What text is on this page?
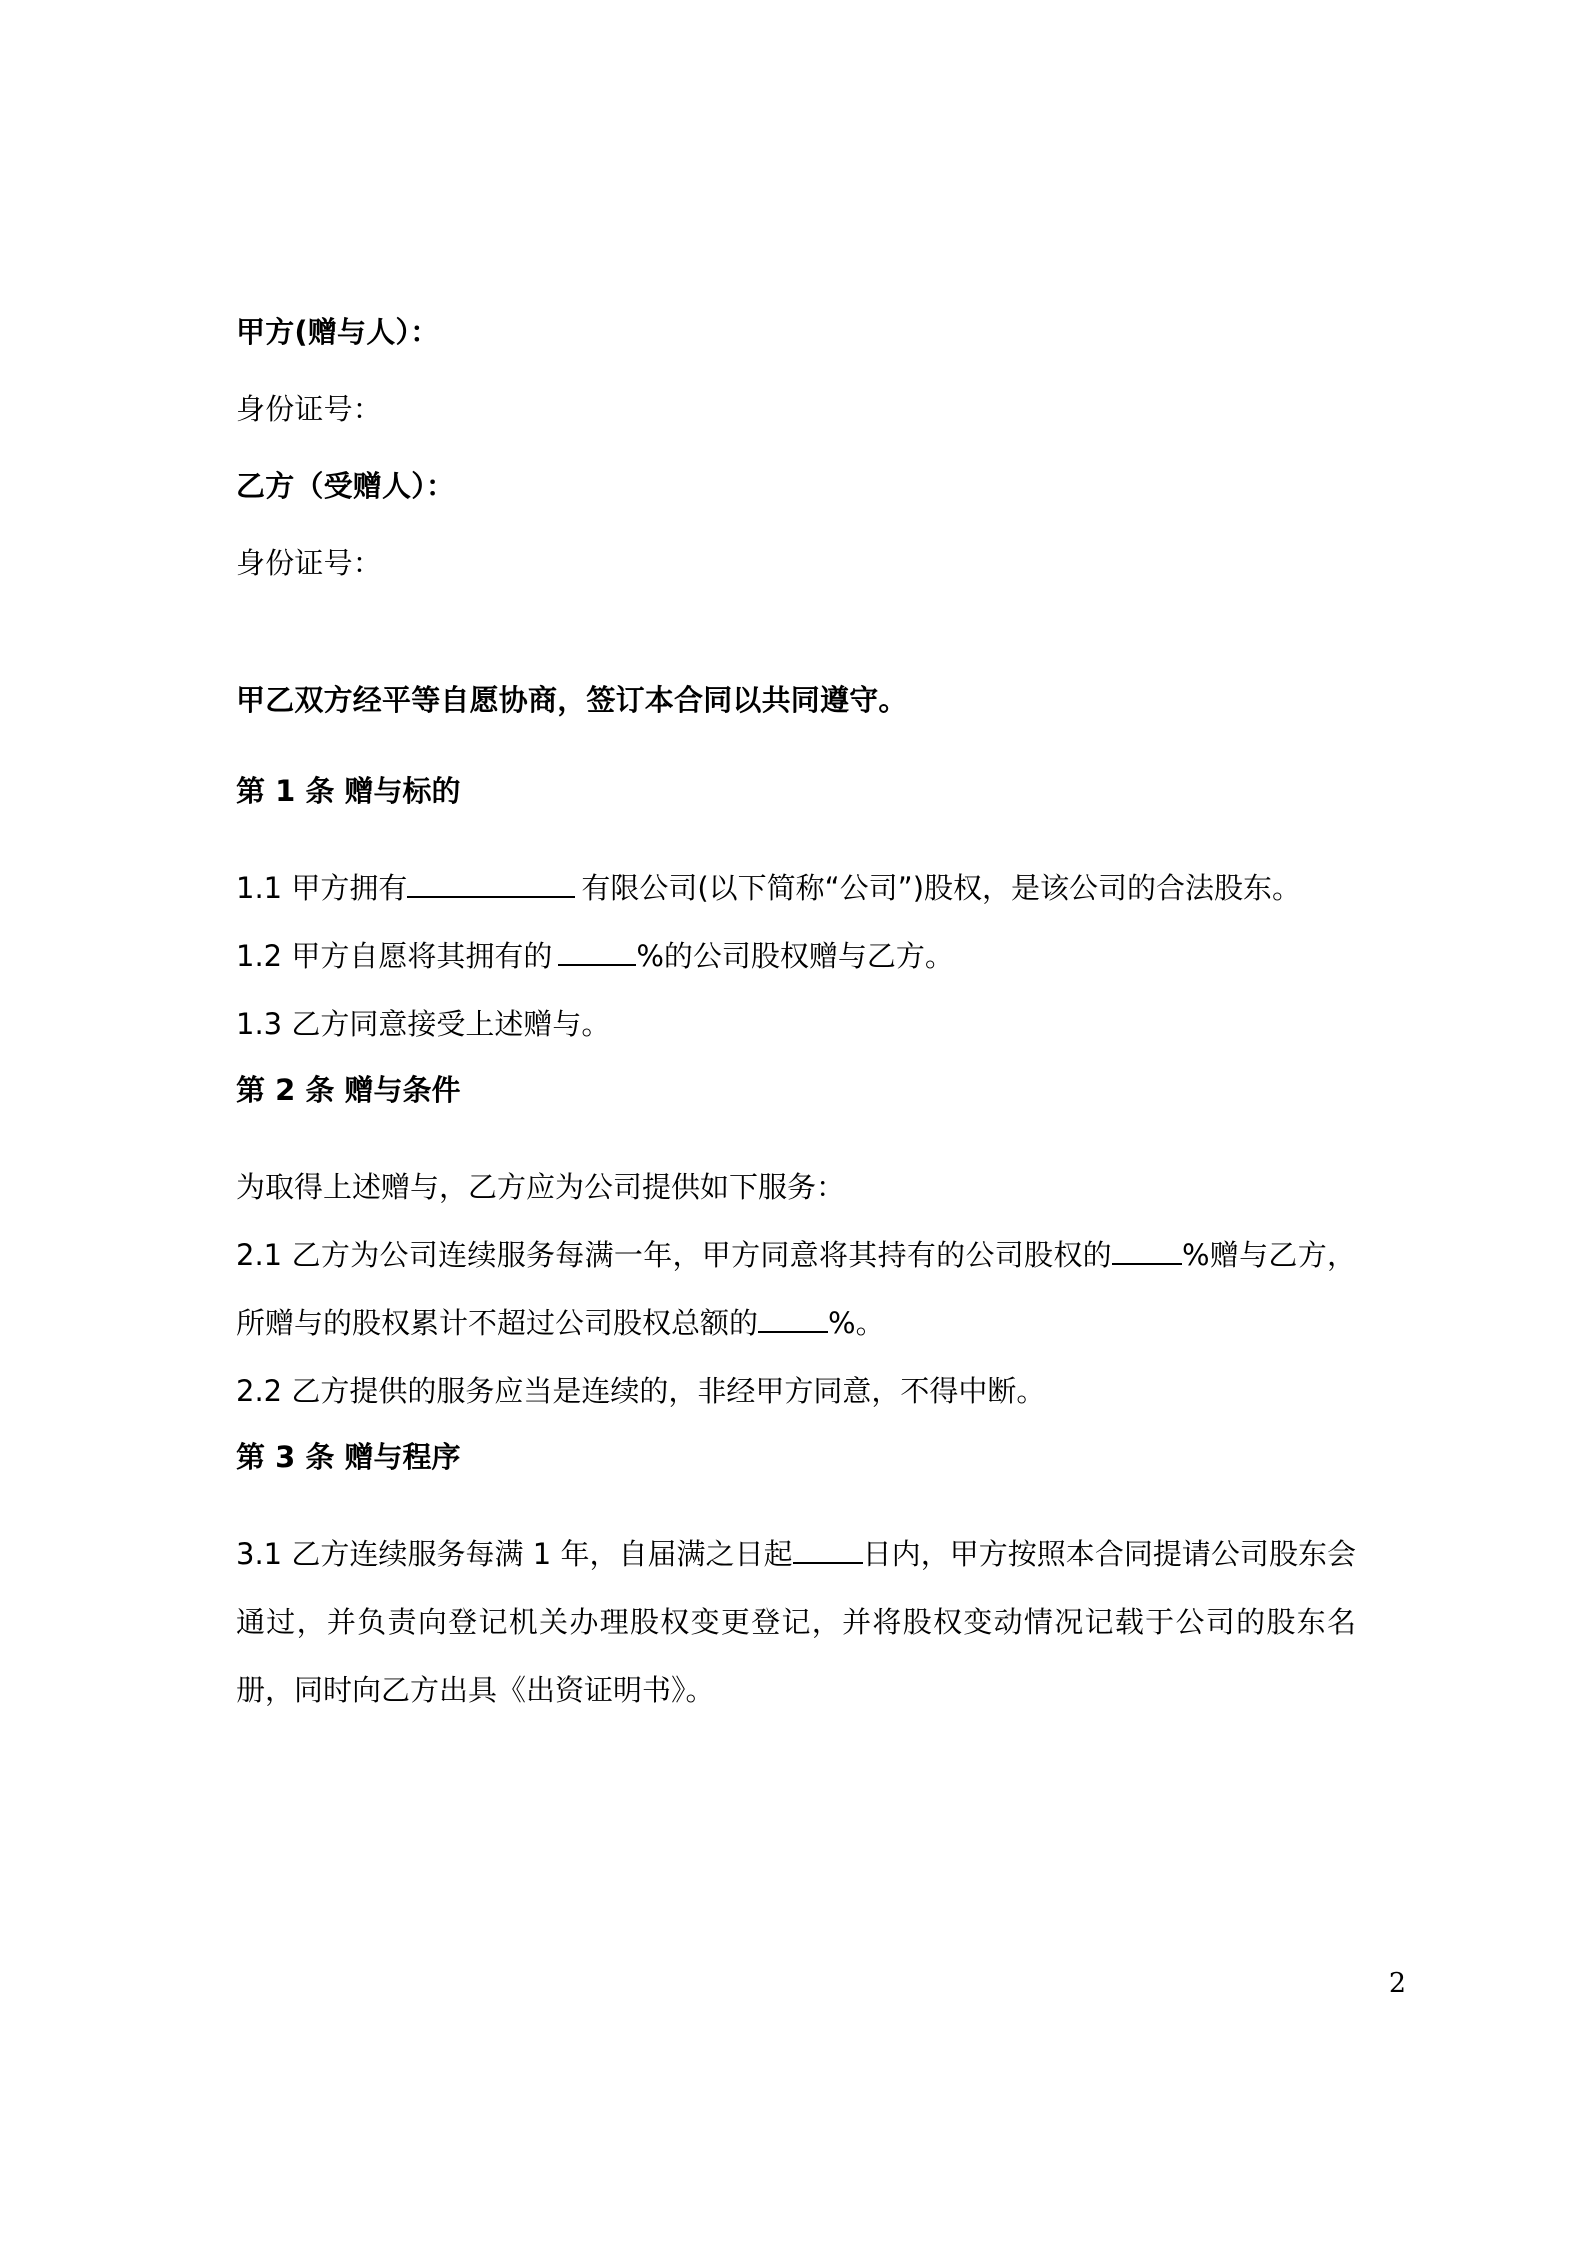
甲方(赠与人）：

身份证号：

乙方（受赠人）：

身份证号：

甲乙双方经平等自愿协商，签订本合同以共同遵守。

第 1 条 赠与标的

1.1 甲方拥有	有限公司(以下简称“公司”)股权，是该公司的合法股东。

1.2 甲方自愿将其拥有的	%的公司股权赠与乙方。

1.3 乙方同意接受上述赠与。

第 2 条 赠与条件

为取得上述赠与，乙方应为公司提供如下服务：

2.1 乙方为公司连续服务每满一年，甲方同意将其持有的公司股权的 %赠与乙方，所赠与的股权累计不超过公司股权总额的 %。

2.2 乙方提供的服务应当是连续的，非经甲方同意，不得中断。

第 3 条 赠与程序

3.1 乙方连续服务每满 1 年，自届满之日起 日内，甲方按照本合同提请公司股东会通过，并负责向登记机关办理股权变更登记，并将股权变动情况记载于公司的股东名册，同时向乙方出具《出资证明书》。

2
